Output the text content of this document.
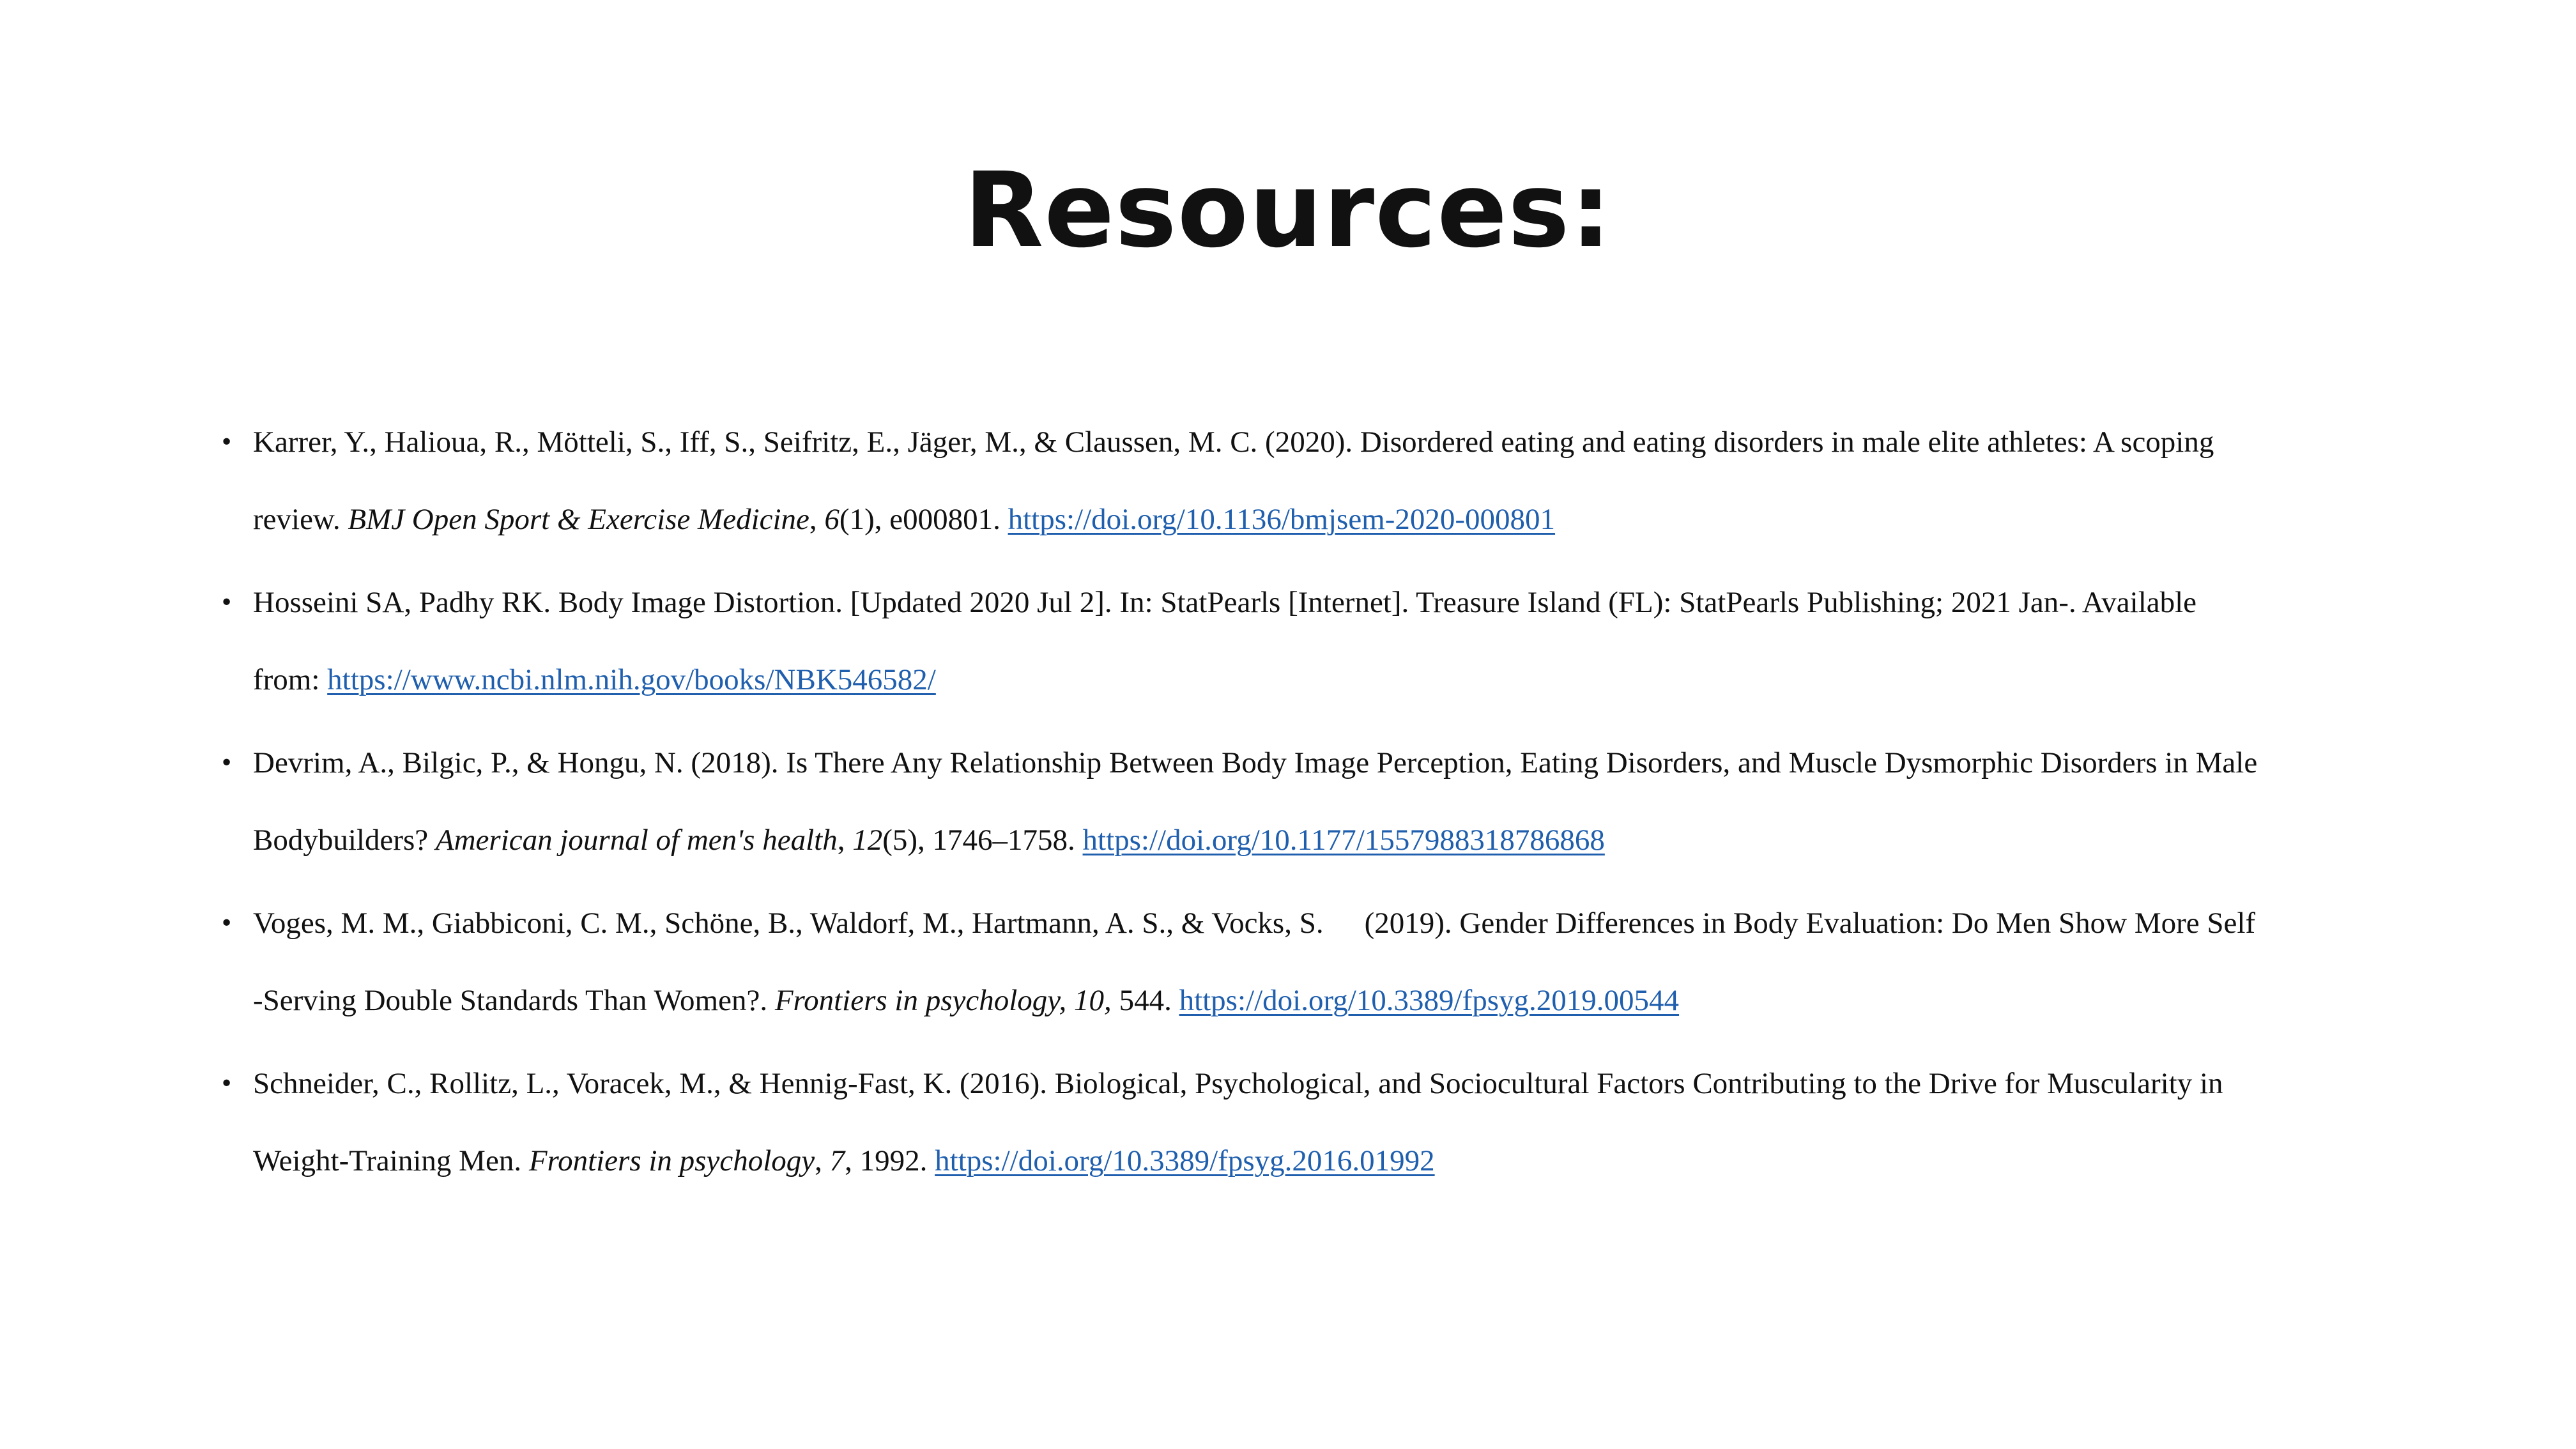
Resources:
• Karrer, Y., Halioua, R., Mötteli, S., Iff, S., Seifritz, E., Jäger, M., & Claussen, M. C. (2020). Disordered eating and eating disorders in male elite athletes: A scoping
review. BMJ Open Sport & Exercise Medicine, 6(1), e000801. https://doi.org/10.1136/bmjsem-2020-000801
• Hosseini SA, Padhy RK. Body Image Distortion. [Updated 2020 Jul 2]. In: StatPearls [Internet]. Treasure Island (FL): StatPearls Publishing; 2021 Jan-. Available
from: https://www.ncbi.nlm.nih.gov/books/NBK546582/
• Devrim, A., Bilgic, P., & Hongu, N. (2018). Is There Any Relationship Between Body Image Perception, Eating Disorders, and Muscle Dysmorphic Disorders in Male
Bodybuilders? American journal of men's health, 12(5), 1746–1758. https://doi.org/10.1177/1557988318786868
• Voges, M. M., Giabbiconi, C. M., Schöne, B., Waldorf, M., Hartmann, A. S., & Vocks, S. (2019). Gender Differences in Body Evaluation: Do Men Show More Self
-Serving Double Standards Than Women?. Frontiers in psychology, 10, 544. https://doi.org/10.3389/fpsyg.2019.00544
• Schneider, C., Rollitz, L., Voracek, M., & Hennig-Fast, K. (2016). Biological, Psychological, and Sociocultural Factors Contributing to the Drive for Muscularity in
Weight-Training Men. Frontiers in psychology, 7, 1992. https://doi.org/10.3389/fpsyg.2016.01992
